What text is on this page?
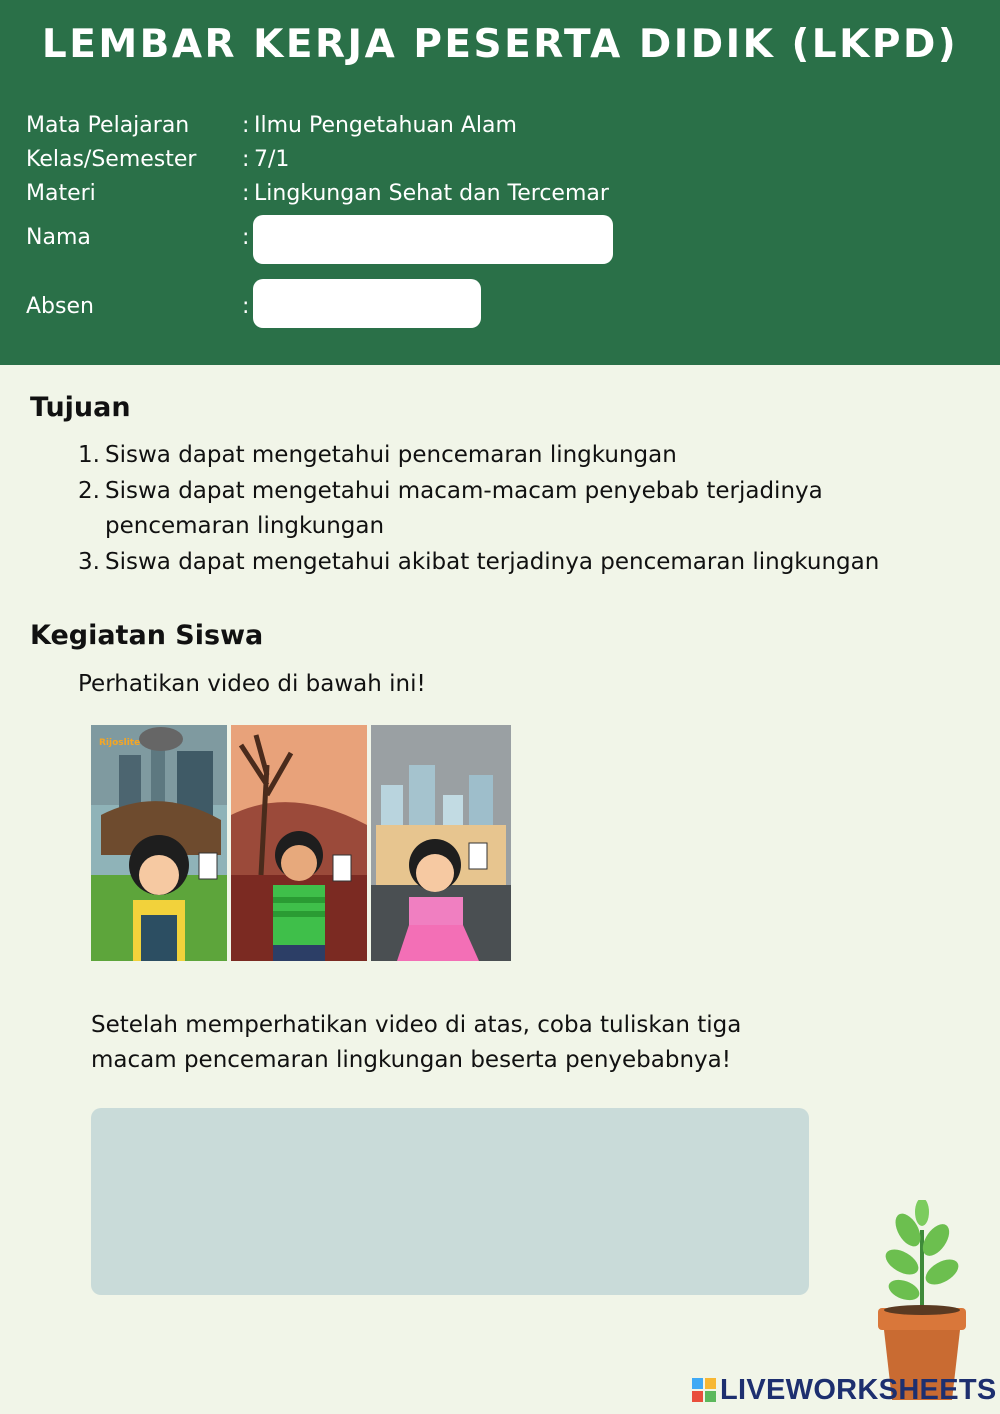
LEMBAR KERJA PESERTA DIDIK (LKPD)
Mata Pelajaran : Ilmu Pengetahuan Alam
Kelas/Semester : 7/1
Materi	: Lingkungan Sehat dan Tercemar
Nama	:
Absen	:
Tujuan
1. Siswa dapat mengetahui pencemaran lingkungan
2. Siswa dapat mengetahui macam-macam penyebab terjadinya pencemaran lingkungan
3. Siswa dapat mengetahui akibat terjadinya pencemaran lingkungan
Kegiatan Siswa
Perhatikan video di bawah ini!
Rijoslite
Setelah memperhatikan video di atas, coba tuliskan tiga macam pencemaran lingkungan beserta penyebabnya!
LIVEWORKSHEETS
